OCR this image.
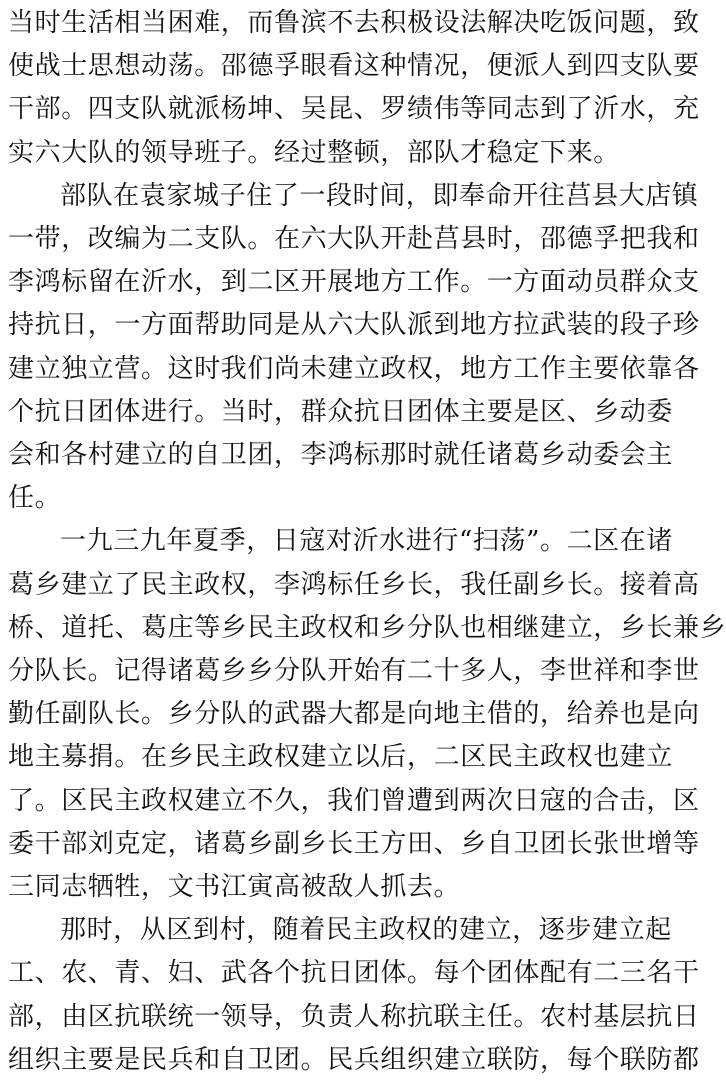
当时生活相当困难，而鲁滨不去积极设法解决吃饭问题，致
使战士思想动荡。邵德孚眼看这种情况，便派人到四支队要
干部。四支队就派杨坤、吴昆、罗绩伟等同志到了沂水，充
实六大队的领导班子。经过整顿，部队才稳定下来。
部队在袁家城子住了一段时间，即奉命开往莒县大店镇
一带，改编为二支队。在六大队开赴莒县时，邵德孚把我和
李鸿标留在沂水，到二区开展地方工作。一方面动员群众支
持抗日，一方面帮助同是从六大队派到地方拉武装的段子珍
建立独立营。这时我们尚未建立政权，地方工作主要依靠各
个抗日团体进行。当时，群众抗日团体主要是区、乡动委
会和各村建立的自卫团，李鸿标那时就任诸葛乡动委会主
任。
一九三九年夏季，日寇对沂水进行“扫荡”。二区在诸
葛乡建立了民主政权，李鸿标任乡长，我任副乡长。接着高
桥、道托、葛庄等乡民主政权和乡分队也相继建立，乡长兼乡
分队长。记得诸葛乡乡分队开始有二十多人，李世祥和李世
勤任副队长。乡分队的武器大都是向地主借的，给养也是向
地主募捐。在乡民主政权建立以后，二区民主政权也建立
了。区民主政权建立不久，我们曾遭到两次日寇的合击，区
委干部刘克定，诸葛乡副乡长王方田、乡自卫团长张世增等
三同志牺牲，文书江寅高被敌人抓去。
那时，从区到村，随着民主政权的建立，逐步建立起
工、农、青、妇、武各个抗日团体。每个团体配有二三名干
部，由区抗联统一领导，负责人称抗联主任。农村基层抗日
组织主要是民兵和自卫团。民兵组织建立联防，每个联防都
